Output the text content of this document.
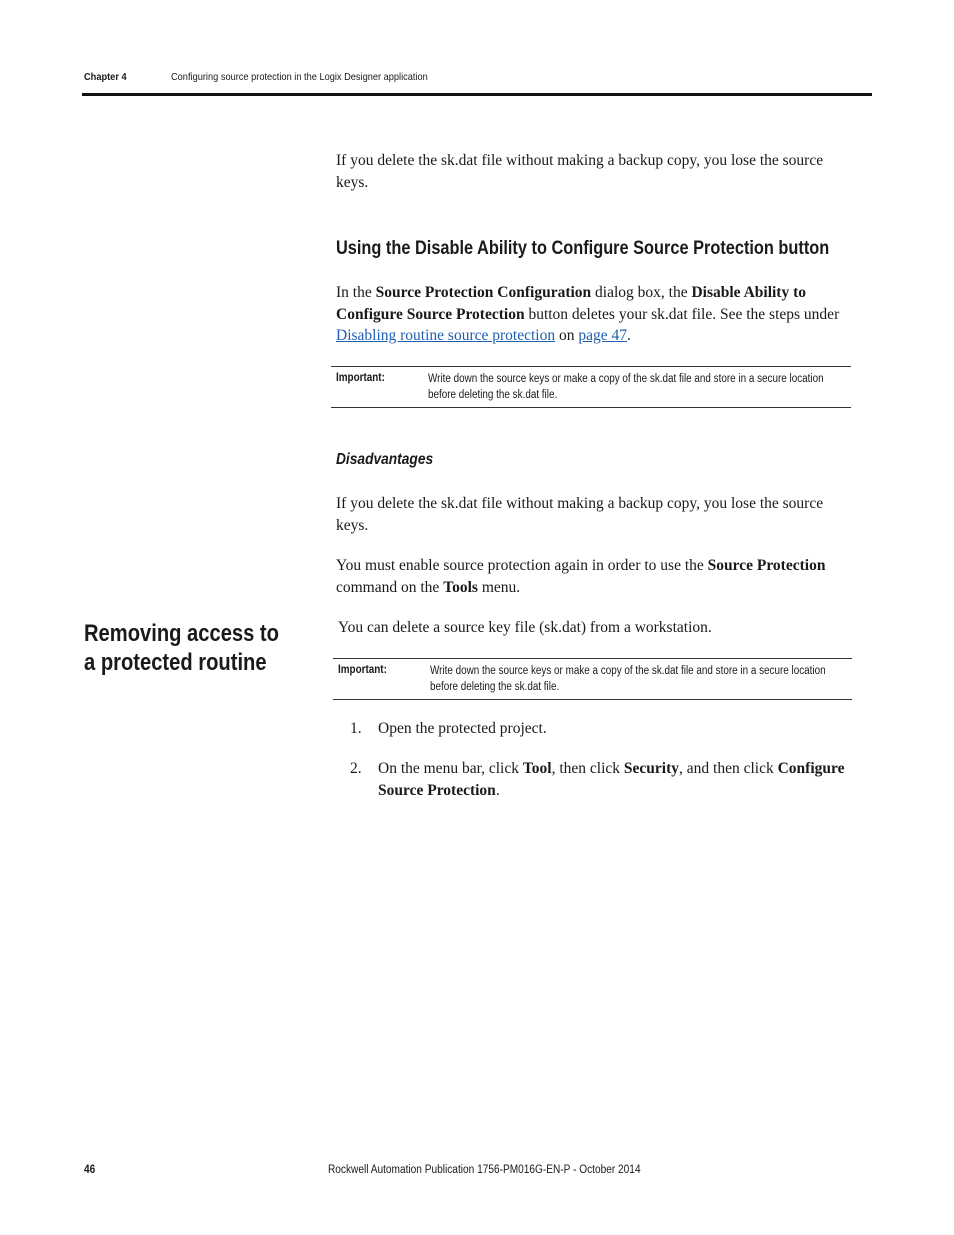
Chapter 4	Configuring source protection in the Logix Designer application
If you delete the sk.dat file without making a backup copy, you lose the source keys.
Using the Disable Ability to Configure Source Protection button
In the Source Protection Configuration dialog box, the Disable Ability to Configure Source Protection button deletes your sk.dat file. See the steps under Disabling routine source protection on page 47.
Important:	Write down the source keys or make a copy of the sk.dat file and store in a secure location before deleting the sk.dat file.
Disadvantages
If you delete the sk.dat file without making a backup copy, you lose the source keys.
You must enable source protection again in order to use the Source Protection command on the Tools menu.
Removing access to a protected routine
You can delete a source key file (sk.dat) from a workstation.
Important:	Write down the source keys or make a copy of the sk.dat file and store in a secure location before deleting the sk.dat file.
1. Open the protected project.
2. On the menu bar, click Tool, then click Security, and then click Configure Source Protection.
46	Rockwell Automation Publication 1756-PM016G-EN-P - October 2014
